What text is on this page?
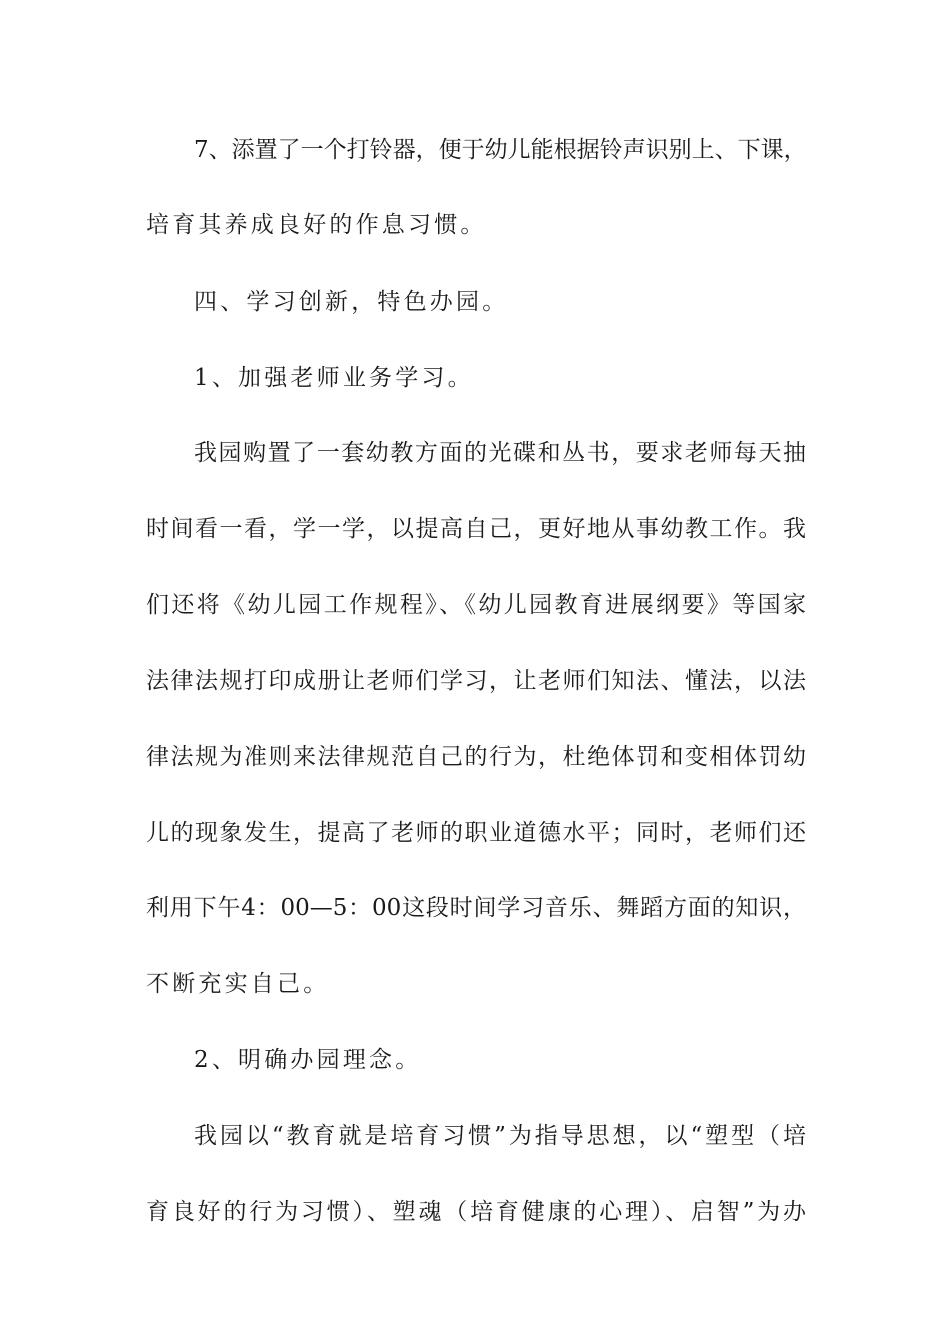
7、添置了一个打铃器，便于幼儿能根据铃声识别上、下课，
培育其养成良好的作息习惯。
四、学习创新，特色办园。
1、加强老师业务学习。
我园购置了一套幼教方面的光碟和丛书，要求老师每天抽
时间看一看，学一学，以提高自己，更好地从事幼教工作。我
们还将《幼儿园工作规程》、《幼儿园教育进展纲要》等国家
法律法规打印成册让老师们学习，让老师们知法、懂法，以法
律法规为准则来法律规范自己的行为，杜绝体罚和变相体罚幼
儿的现象发生，提高了老师的职业道德水平；同时，老师们还
利用下午4：00—5：00这段时间学习音乐、舞蹈方面的知识，
不断充实自己。
2、明确办园理念。
我园以“教育就是培育习惯”为指导思想，以“塑型（培
育良好的行为习惯）、塑魂（培育健康的心理）、启智”为办
